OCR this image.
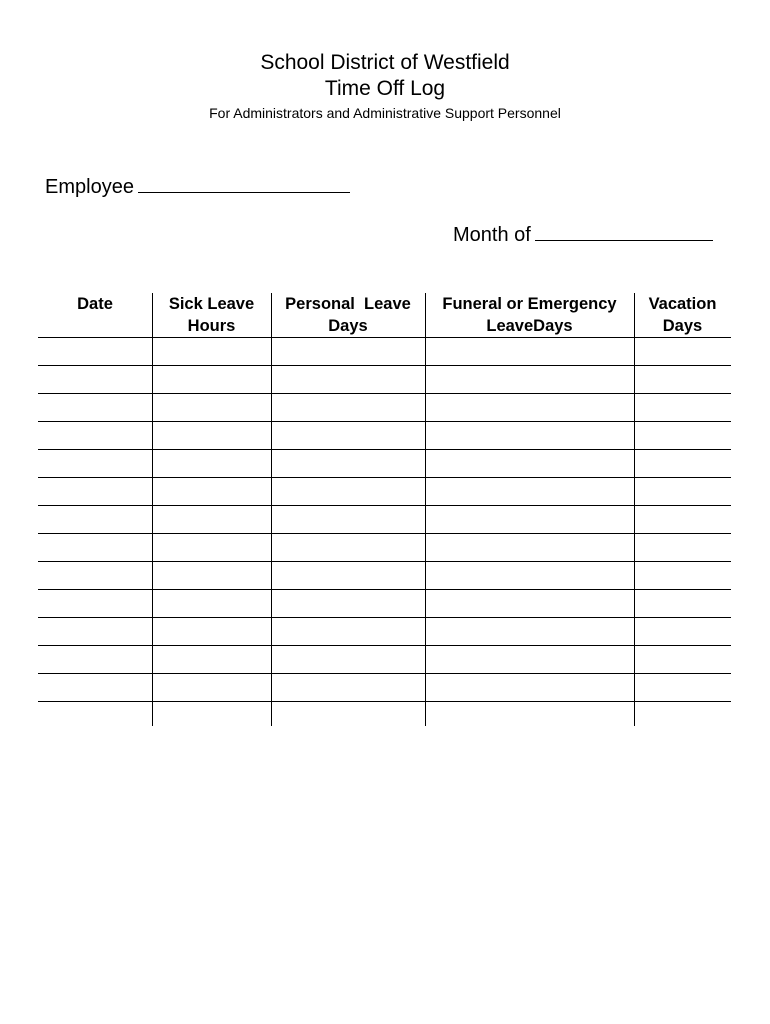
School District of Westfield
Time Off Log
For Administrators and Administrative Support Personnel
Employee
Month of
Date	Sick Leave
Hours
Personal  Leave
Days
Funeral or Emergency
LeaveDays
Vacation
Days
